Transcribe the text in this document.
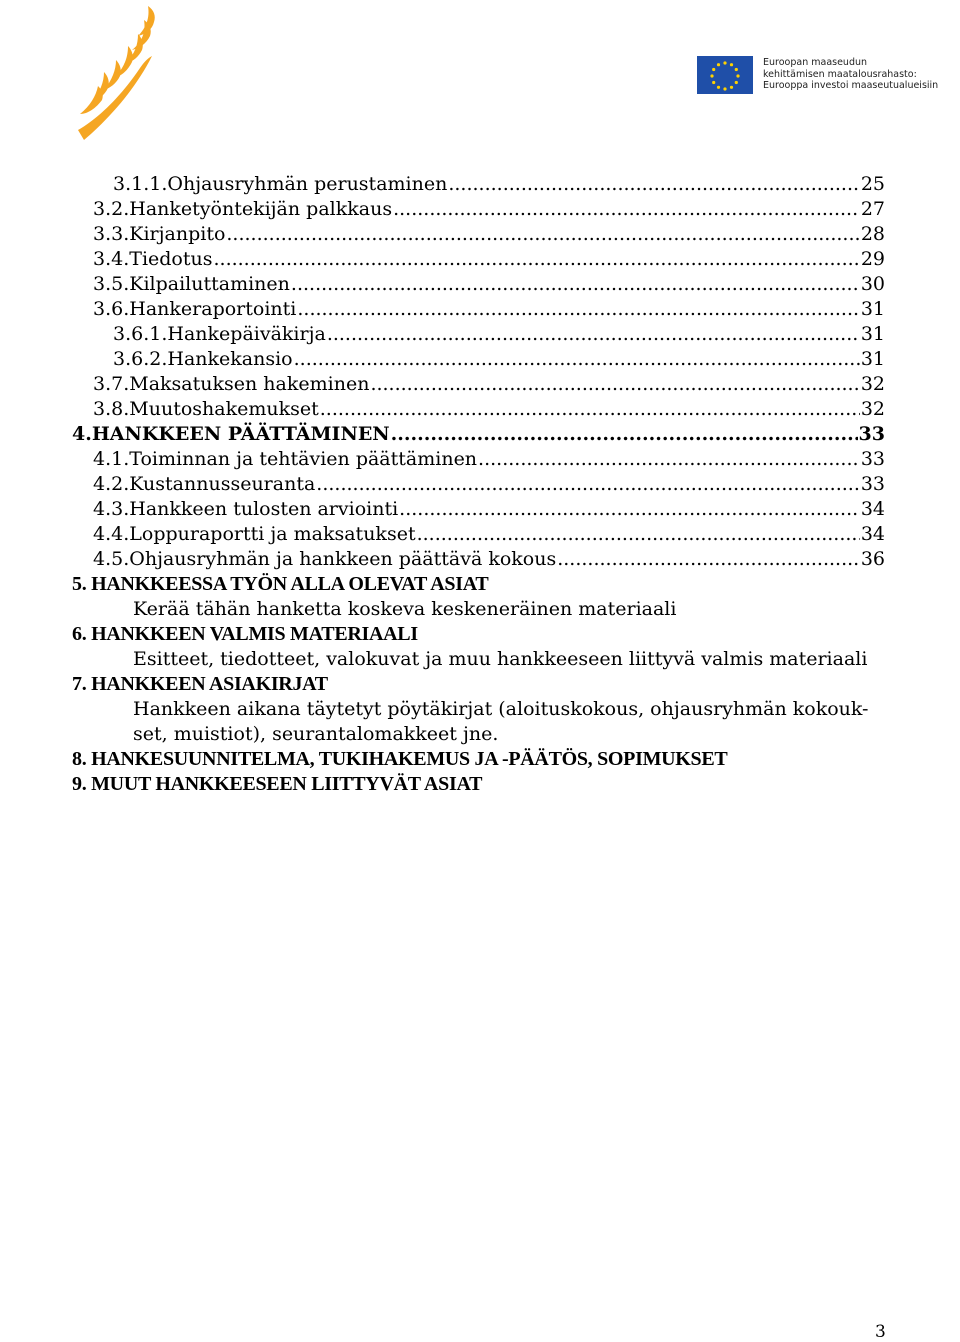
Euroopan maaseudun
kehittämisen maatalousrahasto:
Eurooppa investoi maaseutualueisiin
3.1.1. Ohjausryhmän perustaminen .....	25
3.2. Hanketyöntekijän palkkaus .....	27
3.3. Kirjanpito .....	28
3.4. Tiedotus .....	29
3.5. Kilpailuttaminen .....	30
3.6. Hankeraportointi .....	31
3.6.1. Hankepäiväkirja .....	31
3.6.2. Hankekansio .....	31
3.7. Maksatuksen hakeminen .....	32
3.8. Muutoshakemukset .....	32
4. HANKKEEN PÄÄTTÄMINEN .....	33
4.1. Toiminnan ja tehtävien päättäminen .....	33
4.2. Kustannusseuranta .....	33
4.3. Hankkeen tulosten arviointi .....	34
4.4. Loppuraportti ja maksatukset .....	34
4.5. Ohjausryhmän ja hankkeen päättävä kokous .....	36
5. HANKKEESSA TYÖN ALLA OLEVAT ASIAT
Kerää tähän hanketta koskeva keskeneräinen materiaali
6. HANKKEEN VALMIS MATERIAALI
Esitteet, tiedotteet, valokuvat ja muu hankkeeseen liittyvä valmis materiaali
7. HANKKEEN ASIAKIRJAT
Hankkeen aikana täytetyt pöytäkirjat (aloituskokous, ohjausryhmän kokouk-
set, muistiot), seurantalomakkeet jne.
8. HANKESUUNNITELMA, TUKIHAKEMUS JA -PÄÄTÖS, SOPIMUKSET
9. MUUT HANKKEESEEN LIITTYVÄT ASIAT
3
